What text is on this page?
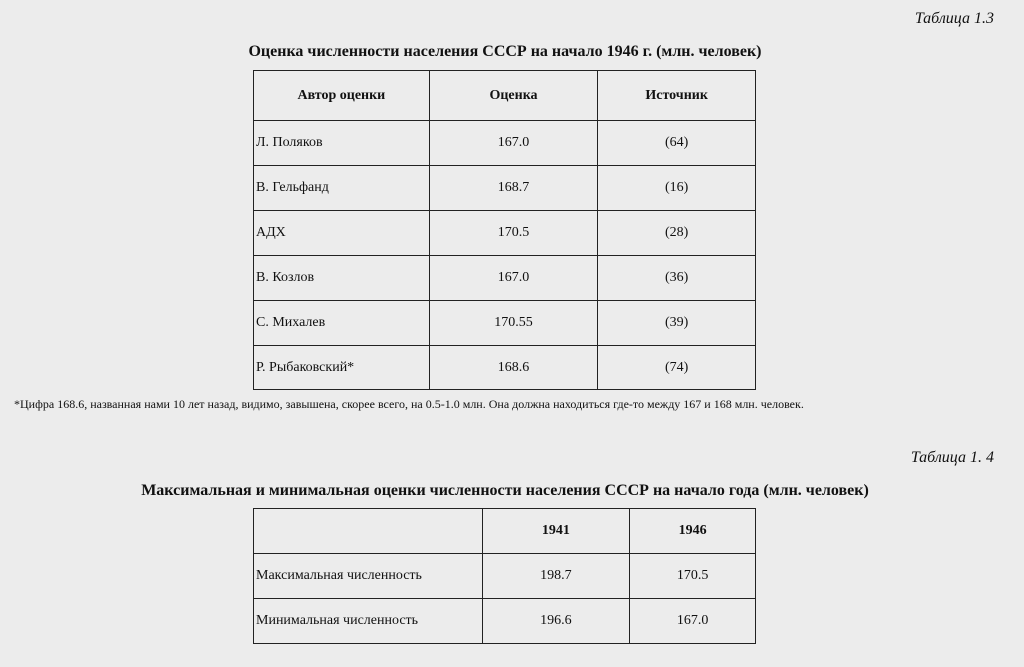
Таблица 1.3
Оценка численности населения СССР на начало 1946 г. (млн. человек)
Автор оценки	Оценка	Источник
Л. Поляков	167.0	(64)
В. Гельфанд	168.7	(16)
АДХ	170.5	(28)
В. Козлов	167.0	(36)
С. Михалев	170.55	(39)
Р. Рыбаковский*	168.6	(74)
*Цифра 168.6, названная нами 10 лет назад, видимо, завышена, скорее всего, на 0.5-1.0 млн. Она должна находиться где-то между 167 и 168 млн. человек.
Таблица 1. 4
Максимальная и минимальная оценки численности населения СССР на начало года (млн. человек)
	1941	1946
Максимальная численность	198.7	170.5
Минимальная численность	196.6	167.0
